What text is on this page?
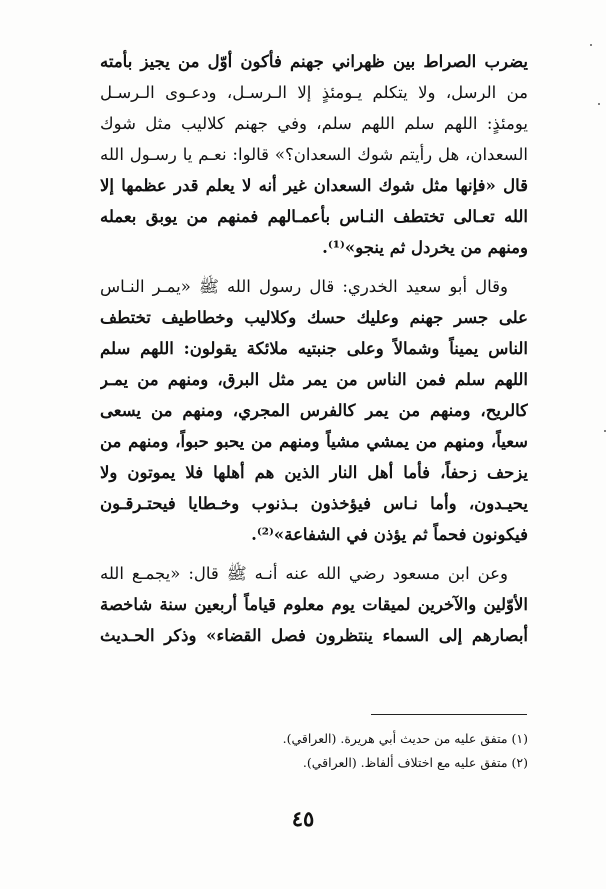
يضرب الصراط بين ظهراني جهنم فأكون أوّل من يجيز بأمته
من الرسل، ولا يتكلم يـومئذٍ إلا الـرسـل، ودعـوى الـرسـل
يومئذٍ: اللهم سلم اللهم سلم، وفي جهنم كلاليب مثل شوك
السعدان، هل رأيتم شوك السعدان؟» قالوا: نعـم يا رسـول الله
قال «فإنها مثل شوك السعدان غير أنه لا يعلم قدر عظمها إلا
الله تعـالى تختطف النـاس بأعمـالهم فمنهم من يوبق بعمله
ومنهم من يخردل ثم ينجو»⁽¹⁾.
وقال أبو سعيد الخدري: قال رسول الله ﷺ «يمـر النـاس
على جسر جهنم وعليك حسك وكلاليب وخطاطيف تختطف
الناس يميناً وشمالاً وعلى جنبتيه ملائكة يقولون: اللهم سلم
اللهم سلم فمن الناس من يمر مثل البرق، ومنهم من يمـر
كالريح، ومنهم من يمر كالفرس المجري، ومنهم من يسعى
سعياً، ومنهم من يمشي مشياً ومنهم من يحبو حبواً، ومنهم من
يزحف زحفاً، فأما أهل النار الذين هم أهلها فلا يموتون ولا
يحيـدون، وأما نـاس فيؤخذون بـذنوب وخـطايا فيحتـرقـون
فيكونون فحماً ثم يؤذن في الشفاعة»⁽²⁾.
وعن ابن مسعود رضي الله عنه أنـه ﷺ قال: «يجمـع الله
الأوّلين والآخرين لميقات يوم معلوم قياماً أربعين سنة شاخصة
أبصارهم إلى السماء ينتظرون فصل القضاء» وذكر الحـديث
(١) متفق عليه من حديث أبي هريرة. (العراقي).
(٢) متفق عليه مع اختلاف ألفاظ. (العراقي).
٤٥
